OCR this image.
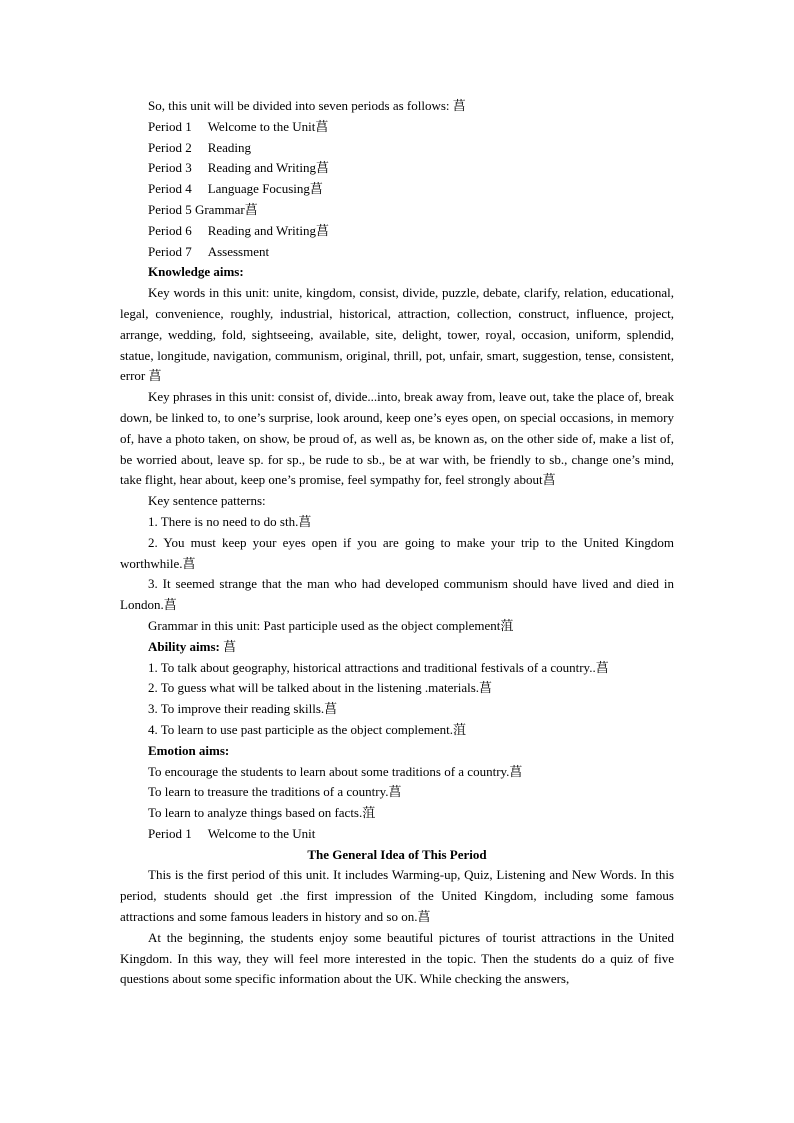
So, this unit will be divided into seven periods as follows: 菖

Period 1 Welcome to the Unit菖

Period 2 Reading

Period 3 Reading and Writing菖

Period 4 Language Focusing菖

Period 5 Grammar菖

Period 6 Reading and Writing菖

Period 7 Assessment

Knowledge aims:

Key words in this unit: unite, kingdom, consist, divide, puzzle, debate, clarify, relation, educational, legal, convenience, roughly, industrial, historical, attraction, collection, construct, influence, project, arrange, wedding, fold, sightseeing, available, site, delight, tower, royal, occasion, uniform, splendid, statue, longitude, navigation, communism, original, thrill, pot, unfair, smart, suggestion, tense, consistent, error 菖

Key phrases in this unit: consist of, divide...into, break away from, leave out, take the place of, break down, be linked to, to one’s surprise, look around, keep one’s eyes open, on special occasions, in memory of, have a photo taken, on show, be proud of, as well as, be known as, on the other side of, make a list of, be worried about, leave sp. for sp., be rude to sb., be at war with, be friendly to sb., change one’s mind, take flight, hear about, keep one’s promise, feel sympathy for, feel strongly about菖

Key sentence patterns:

1. There is no need to do sth.菖

2. You must keep your eyes open if you are going to make your trip to the United Kingdom worthwhile.菖

3. It seemed strange that the man who had developed communism should have lived and died in London.菖

Grammar in this unit: Past participle used as the object complement菹

Ability aims: 菖

1. To talk about geography, historical attractions and traditional festivals of a country..菖

2. To guess what will be talked about in the listening .materials.菖

3. To improve their reading skills.菖

4. To learn to use past participle as the object complement.菹

Emotion aims:

To encourage the students to learn about some traditions of a country.菖

To learn to treasure the traditions of a country.菖

To learn to analyze things based on facts.菹

Period 1 Welcome to the Unit

The General Idea of This Period

This is the first period of this unit. It includes Warming-up, Quiz, Listening and New Words. In this period, students should get .the first impression of the United Kingdom, including some famous attractions and some famous leaders in history and so on.菖

At the beginning, the students enjoy some beautiful pictures of tourist attractions in the United Kingdom. In this way, they will feel more interested in the topic. Then the students do a quiz of five questions about some specific information about the UK. While checking the answers,
